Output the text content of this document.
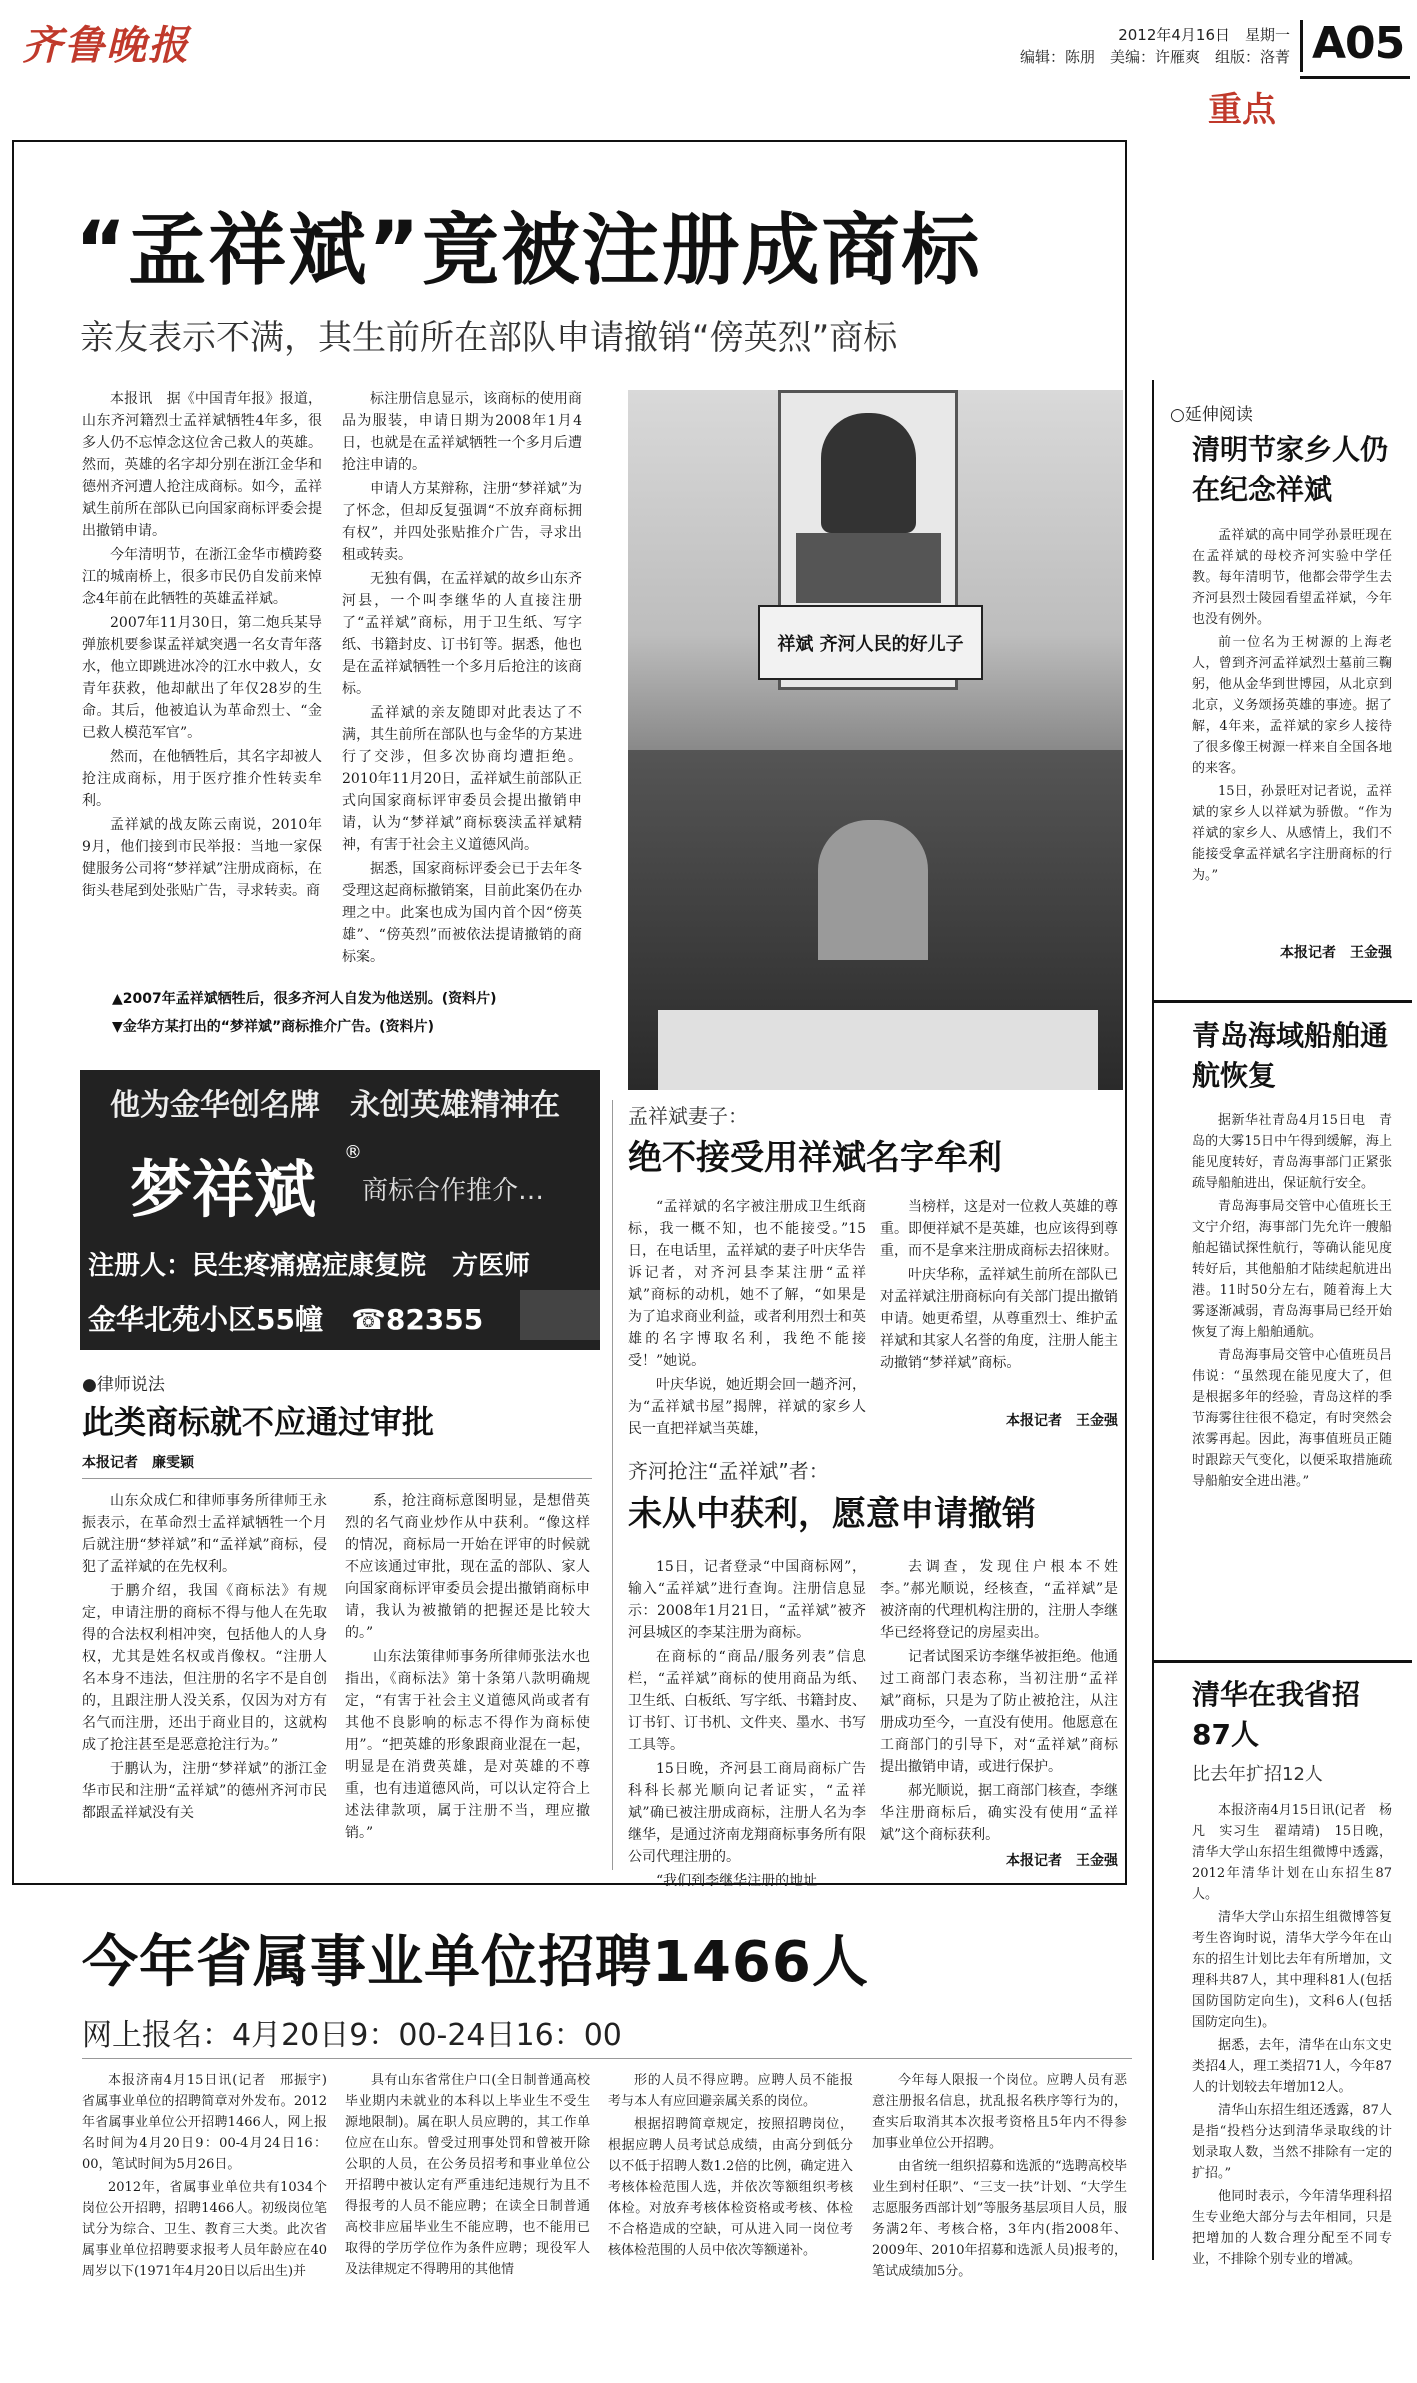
齐鲁晚报	2012年4月16日　星期一
编辑：陈朋　美编：许雁爽　组版：洛菁 A05
重点
“孟祥斌”竟被注册成商标
亲友表示不满，其生前所在部队申请撤销“傍英烈”商标

本报讯　据《中国青年报》报道，山东齐河籍烈士孟祥斌牺牲4年多，很多人仍不忘悼念这位舍己救人的英雄。然而，英雄的名字却分别在浙江金华和德州齐河遭人抢注成商标。如今，孟祥斌生前所在部队已向国家商标评委会提出撤销申请。

今年清明节，在浙江金华市横跨婺江的城南桥上，很多市民仍自发前来悼念4年前在此牺牲的英雄孟祥斌。

2007年11月30日，第二炮兵某导弹旅机要参谋孟祥斌突遇一名女青年落水，他立即跳进冰冷的江水中救人，女青年获救，他却献出了年仅28岁的生命。其后，他被追认为革命烈士、“金已救人模范军官”。

然而，在他牺牲后，其名字却被人抢注成商标，用于医疗推介性转卖牟利。

孟祥斌的战友陈云南说，2010年9月，他们接到市民举报：当地一家保健服务公司将“梦祥斌”注册成商标，在街头巷尾到处张贴广告，寻求转卖。商

标注册信息显示，该商标的使用商品为服装，申请日期为2008年1月4日，也就是在孟祥斌牺牲一个多月后遭抢注申请的。

申请人方某辩称，注册“梦祥斌”为了怀念，但却反复强调“不放弃商标拥有权”，并四处张贴推介广告，寻求出租或转卖。

无独有偶，在孟祥斌的故乡山东齐河县，一个叫李继华的人直接注册了“孟祥斌”商标，用于卫生纸、写字纸、书籍封皮、订书钉等。据悉，他也是在孟祥斌牺牲一个多月后抢注的该商标。

孟祥斌的亲友随即对此表达了不满，其生前所在部队也与金华的方某进行了交涉，但多次协商均遭拒绝。2010年11月20日，孟祥斌生前部队正式向国家商标评审委员会提出撤销申请，认为“梦祥斌”商标亵渎孟祥斌精神，有害于社会主义道德风尚。

据悉，国家商标评委会已于去年冬受理这起商标撤销案，目前此案仍在办理之中。此案也成为国内首个因“傍英雄”、“傍英烈”而被依法提请撤销的商标案。

祥斌 齐河人民的好儿子
▲2007年孟祥斌牺牲后，很多齐河人自发为他送别。(资料片)
▼金华方某打出的“梦祥斌”商标推介广告。(资料片)
他为金华创名牌　永创英雄精神在
梦祥斌
®
商标合作推介…
注册人：民生疼痛癌症康复院　方医师
金华北苑小区55幢　☎82355
●律师说法
此类商标就不应通过审批
本报记者　廉雯颖

山东众成仁和律师事务所律师王永振表示，在革命烈士孟祥斌牺牲一个月后就注册“梦祥斌”和“孟祥斌”商标，侵犯了孟祥斌的在先权利。

于鹏介绍，我国《商标法》有规定，申请注册的商标不得与他人在先取得的合法权利相冲突，包括他人的人身权，尤其是姓名权或肖像权。“注册人名本身不违法，但注册的名字不是自创的，且跟注册人没关系，仅因为对方有名气而注册，还出于商业目的，这就构成了抢注甚至是恶意抢注行为。”

于鹏认为，注册“梦祥斌”的浙江金华市民和注册“孟祥斌”的德州齐河市民都跟孟祥斌没有关

系，抢注商标意图明显，是想借英烈的名气商业炒作从中获利。“像这样的情况，商标局一开始在评审的时候就不应该通过审批，现在孟的部队、家人向国家商标评审委员会提出撤销商标申请，我认为被撤销的把握还是比较大的。”

山东法策律师事务所律师张法水也指出，《商标法》第十条第八款明确规定，“有害于社会主义道德风尚或者有其他不良影响的标志不得作为商标使用”。“把英雄的形象跟商业混在一起，明显是在消费英雄，是对英雄的不尊重，也有违道德风尚，可以认定符合上述法律款项，属于注册不当，理应撤销。”

孟祥斌妻子：
绝不接受用祥斌名字牟利

“孟祥斌的名字被注册成卫生纸商标，我一概不知，也不能接受。”15日，在电话里，孟祥斌的妻子叶庆华告诉记者，对齐河县李某注册“孟祥斌”商标的动机，她不了解，“如果是为了追求商业利益，或者利用烈士和英雄的名字博取名利，我绝不能接受！”她说。

叶庆华说，她近期会回一趟齐河，为“孟祥斌书屋”揭牌，祥斌的家乡人民一直把祥斌当英雄，

当榜样，这是对一位救人英雄的尊重。即便祥斌不是英雄，也应该得到尊重，而不是拿来注册成商标去招徕财。

叶庆华称，孟祥斌生前所在部队已对孟祥斌注册商标向有关部门提出撤销申请。她更希望，从尊重烈士、维护孟祥斌和其家人名誉的角度，注册人能主动撤销“梦祥斌”商标。

本报记者　王金强
齐河抢注“孟祥斌”者：
未从中获利，愿意申请撤销

15日，记者登录“中国商标网”，输入“孟祥斌”进行查询。注册信息显示：2008年1月21日，“孟祥斌”被齐河县城区的李某注册为商标。

在商标的“商品/服务列表”信息栏，“孟祥斌”商标的使用商品为纸、卫生纸、白板纸、写字纸、书籍封皮、订书钉、订书机、文件夹、墨水、书写工具等。

15日晚，齐河县工商局商标广告科科长郝光顺向记者证实，“孟祥斌”确已被注册成商标，注册人名为李继华，是通过济南龙翔商标事务所有限公司代理注册的。

“我们到李继华注册的地址

去调查，发现住户根本不姓李。”郝光顺说，经核查，“孟祥斌”是被济南的代理机构注册的，注册人李继华已经将登记的房屋卖出。

记者试图采访李继华被拒绝。他通过工商部门表态称，当初注册“孟祥斌”商标，只是为了防止被抢注，从注册成功至今，一直没有使用。他愿意在工商部门的引导下，对“孟祥斌”商标提出撤销申请，或进行保护。

郝光顺说，据工商部门核查，李继华注册商标后，确实没有使用“孟祥斌”这个商标获利。

本报记者　王金强
○延伸阅读
清明节家乡人仍在纪念祥斌

孟祥斌的高中同学孙景旺现在在孟祥斌的母校齐河实验中学任教。每年清明节，他都会带学生去齐河县烈士陵园看望孟祥斌，今年也没有例外。

前一位名为王树源的上海老人，曾到齐河孟祥斌烈士墓前三鞠躬，他从金华到世博园，从北京到北京，义务颂扬英雄的事迹。据了解，4年来，孟祥斌的家乡人接待了很多像王树源一样来自全国各地的来客。

15日，孙景旺对记者说，孟祥斌的家乡人以祥斌为骄傲。“作为祥斌的家乡人、从感情上，我们不能接受拿孟祥斌名字注册商标的行为。”

本报记者　王金强
青岛海域船舶通航恢复

据新华社青岛4月15日电　青岛的大雾15日中午得到缓解，海上能见度转好，青岛海事部门正紧张疏导船舶进出，保证航行安全。

青岛海事局交管中心值班长王文宁介绍，海事部门先允许一艘船舶起锚试探性航行，等确认能见度转好后，其他船舶才陆续起航进出港。11时50分左右，随着海上大雾逐渐减弱，青岛海事局已经开始恢复了海上船舶通航。

青岛海事局交管中心值班员吕伟说：“虽然现在能见度大了，但是根据多年的经验，青岛这样的季节海雾往往很不稳定，有时突然会浓雾再起。因此，海事值班员正随时跟踪天气变化，以便采取措施疏导船舶安全进出港。”

清华在我省招87人
比去年扩招12人

本报济南4月15日讯(记者　杨凡　实习生　翟靖靖)　15日晚，清华大学山东招生组微博中透露，2012年清华计划在山东招生87人。

清华大学山东招生组微博答复考生咨询时说，清华大学今年在山东的招生计划比去年有所增加，文理科共87人，其中理科81人(包括国防国防定向生)，文科6人(包括国防定向生)。

据悉，去年，清华在山东文史类招4人，理工类招71人，今年87人的计划较去年增加12人。

清华山东招生组还透露，87人是指“投档分达到清华录取线的计划录取人数，当然不排除有一定的扩招。”

他同时表示，今年清华理科招生专业绝大部分与去年相同，只是把增加的人数合理分配至不同专业，不排除个别专业的增减。

今年省属事业单位招聘1466人
网上报名：4月20日9：00-24日16：00

本报济南4月15日讯(记者　邢振宇)　省属事业单位的招聘简章对外发布。2012年省属事业单位公开招聘1466人，网上报名时间为4月20日9：00-4月24日16：00，笔试时间为5月26日。

2012年，省属事业单位共有1034个岗位公开招聘，招聘1466人。初级岗位笔试分为综合、卫生、教育三大类。此次省属事业单位招聘要求报考人员年龄应在40周岁以下(1971年4月20日以后出生)并

具有山东省常住户口(全日制普通高校毕业期内未就业的本科以上毕业生不受生源地限制)。属在职人员应聘的，其工作单位应在山东。曾受过刑事处罚和曾被开除公职的人员，在公务员招考和事业单位公开招聘中被认定有严重违纪违规行为且不得报考的人员不能应聘；在读全日制普通高校非应届毕业生不能应聘，也不能用已取得的学历学位作为条件应聘；现役军人及法律规定不得聘用的其他情

形的人员不得应聘。应聘人员不能报考与本人有应回避亲属关系的岗位。

根据招聘简章规定，按照招聘岗位，根据应聘人员考试总成绩，由高分到低分以不低于招聘人数1.2倍的比例，确定进入考核体检范围人选，并依次等额组织考核体检。对放弃考核体检资格或考核、体检不合格造成的空缺，可从进入同一岗位考核体检范围的人员中依次等额递补。

今年每人限报一个岗位。应聘人员有恶意注册报名信息，扰乱报名秩序等行为的，查实后取消其本次报考资格且5年内不得参加事业单位公开招聘。

由省统一组织招募和选派的“选聘高校毕业生到村任职”、“三支一扶”计划、“大学生志愿服务西部计划”等服务基层项目人员，服务满2年、考核合格，3年内(指2008年、2009年、2010年招募和选派人员)报考的，笔试成绩加5分。
